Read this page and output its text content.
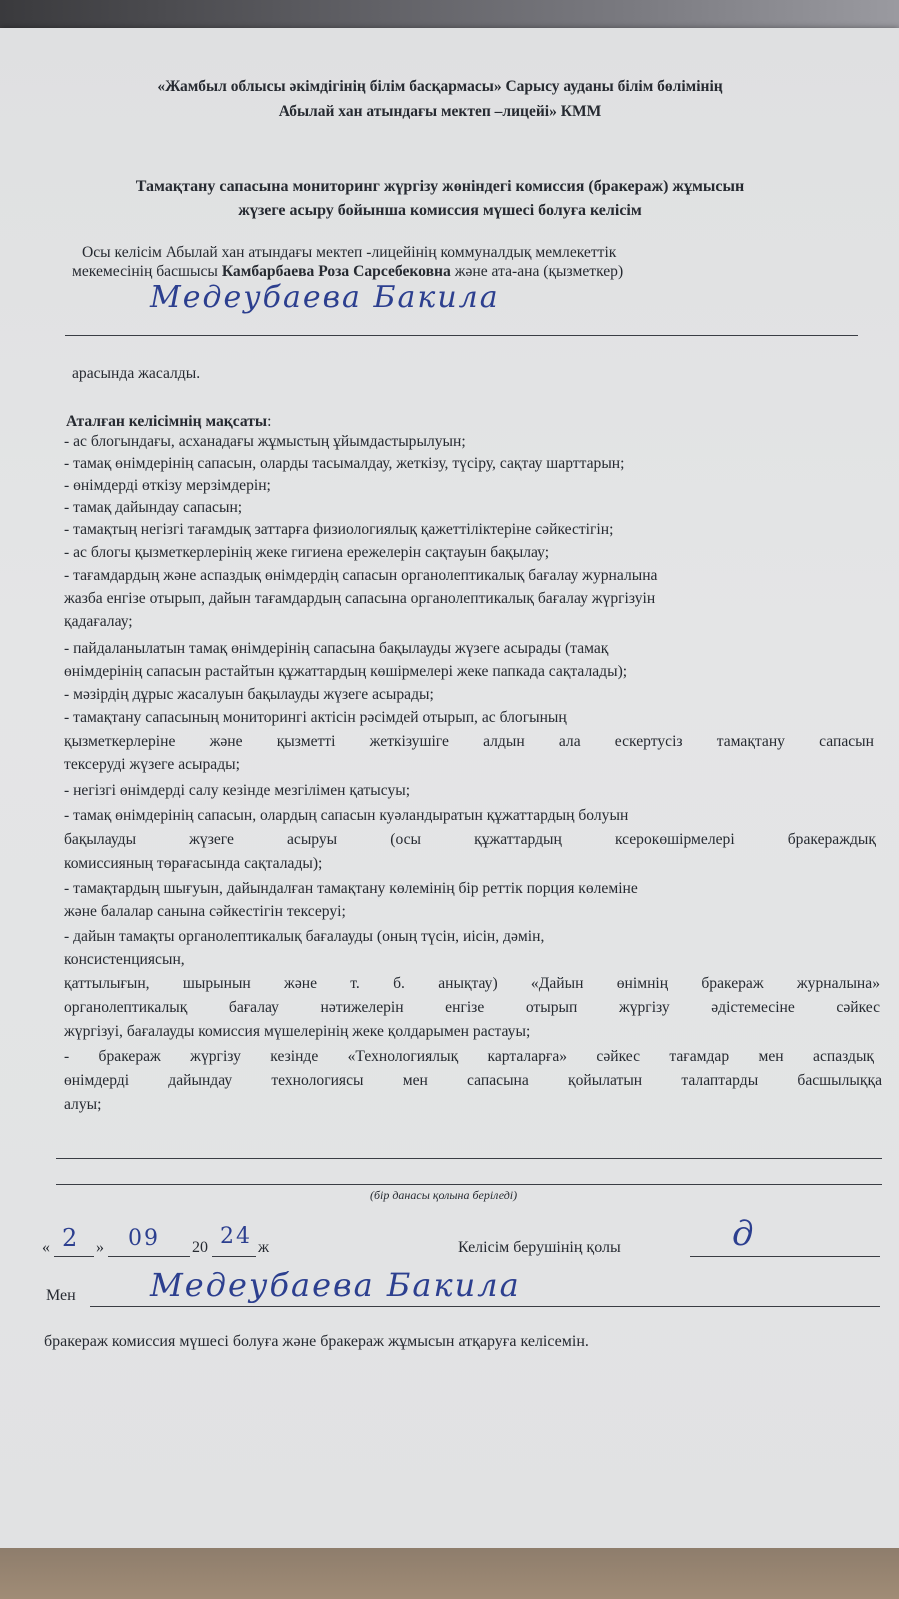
«Жамбыл облысы әкімдігінің білім басқармасы» Сарысу ауданы білім бөлімінің
Абылай хан атындағы мектеп –лицейі» КММ
Тамақтану сапасына мониторинг жүргізу жөніндегі комиссия (бракераж) жұмысын
жүзеге асыру бойынша комиссия мүшесі болуға келісім
Осы келісім Абылай хан атындағы мектеп -лицейінің коммуналдық мемлекеттік
мекемесінің басшысы Камбарбаева Роза Сарсебековна және ата-ана (қызметкер)
Медеубаева Бакила
арасында жасалды.
Аталған келісімнің мақсаты:
- ас блогындағы, асханадағы жұмыстың ұйымдастырылуын;
- тамақ өнімдерінің сапасын, оларды тасымалдау, жеткізу, түсіру, сақтау шарттарын;
- өнімдерді өткізу мерзімдерін;
- тамақ дайындау сапасын;
- тамақтың негізгі тағамдық заттарға физиологиялық қажеттіліктеріне сәйкестігін;
- ас блогы қызметкерлерінің жеке гигиена ережелерін сақтауын бақылау;
- тағамдардың және аспаздық өнімдердің сапасын органолептикалық бағалау журналына
жазба енгізе отырып, дайын тағамдардың сапасына органолептикалық бағалау жүргізуін
қадағалау;
- пайдаланылатын тамақ өнімдерінің сапасына бақылауды жүзеге асырады (тамақ
өнімдерінің сапасын растайтын құжаттардың көшірмелері жеке папкада сақталады);
- мәзірдің дұрыс жасалуын бақылауды жүзеге асырады;
- тамақтану сапасының мониторингі актісін рәсімдей отырып, ас блогының
қызметкерлеріне және қызметті жеткізушіге алдын ала ескертусіз тамақтану сапасын
тексеруді жүзеге асырады;
- негізгі өнімдерді салу кезінде мезгілімен қатысуы;
- тамақ өнімдерінің сапасын, олардың сапасын куәландыратын құжаттардың болуын
бақылауды жүзеге асыруы (осы құжаттардың ксерокөшірмелері бракераждық
комиссияның төрағасында сақталады);
- тамақтардың шығуын, дайындалған тамақтану көлемінің бір реттік порция көлеміне
және балалар санына сәйкестігін тексеруі;
- дайын тамақты органолептикалық бағалауды (оның түсін, иісін, дәмін,
консистенциясын,
қаттылығын, шырынын және т. б. анықтау) «Дайын өнімнің бракераж журналына»
органолептикалық бағалау нәтижелерін енгізе отырып жүргізу әдістемесіне сәйкес
жүргізуі, бағалауды комиссия мүшелерінің жеке қолдарымен растауы;
- бракераж жүргізу кезінде «Технологиялық карталарға» сәйкес тағамдар мен аспаздық
өнімдерді дайындау технологиясы мен сапасына қойылатын талаптарды басшылыққа
алуы;
(бір данасы қолына беріледі)
« 2 » 09 20 24 ж	Келісім берушінің қолы	д
Мен Медеубаева Бакила
бракераж комиссия мүшесі болуға және бракераж жұмысын атқаруға келісемін.
